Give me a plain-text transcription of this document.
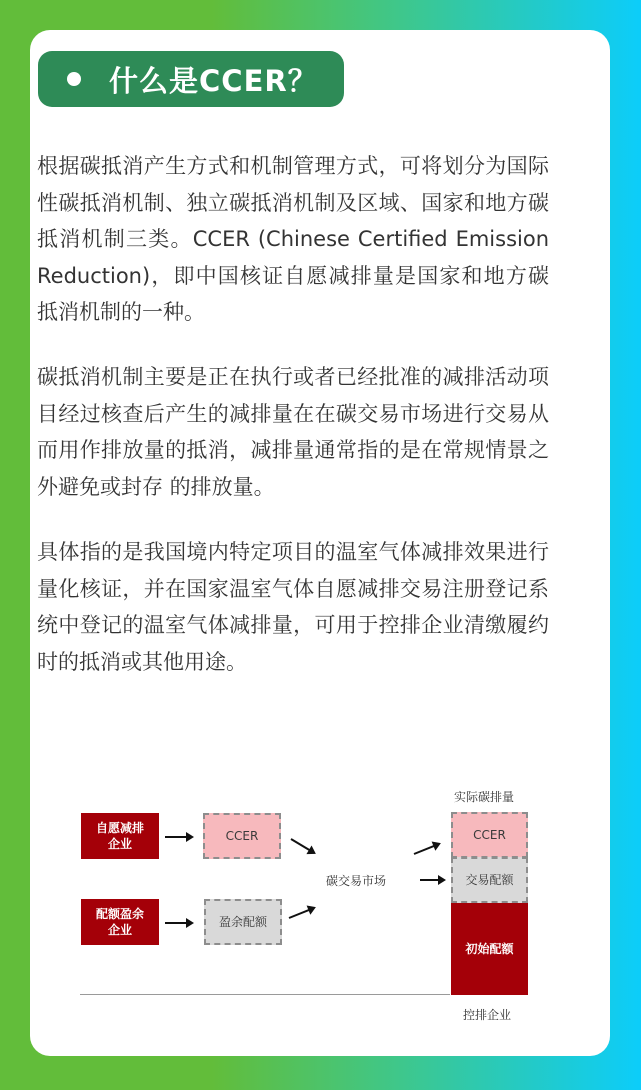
什么是CCER？

根据碳抵消产生方式和机制管理方式，可将划分为国际性碳抵消机制、独立碳抵消机制及区域、国家和地方碳抵消机制三类。CCER (Chinese Certified Emission Reduction)，即中国核证自愿减排量是国家和地方碳抵消机制的一种。

碳抵消机制主要是正在执行或者已经批准的减排活动项目经过核查后产生的减排量在在碳交易市场进行交易从而用作排放量的抵消，减排量通常指的是在常规情景之外避免或封存 的排放量。

具体指的是我国境内特定项目的温室气体减排效果进行量化核证，并在国家温室气体自愿减排交易注册登记系统中登记的温室气体减排量，可用于控排企业清缴履约时的抵消或其他用途。

自愿减排
企业
配额盈余
企业
CCER
盈余配额
碳交易市场
实际碳排量
CCER
交易配额
初始配额
控排企业
